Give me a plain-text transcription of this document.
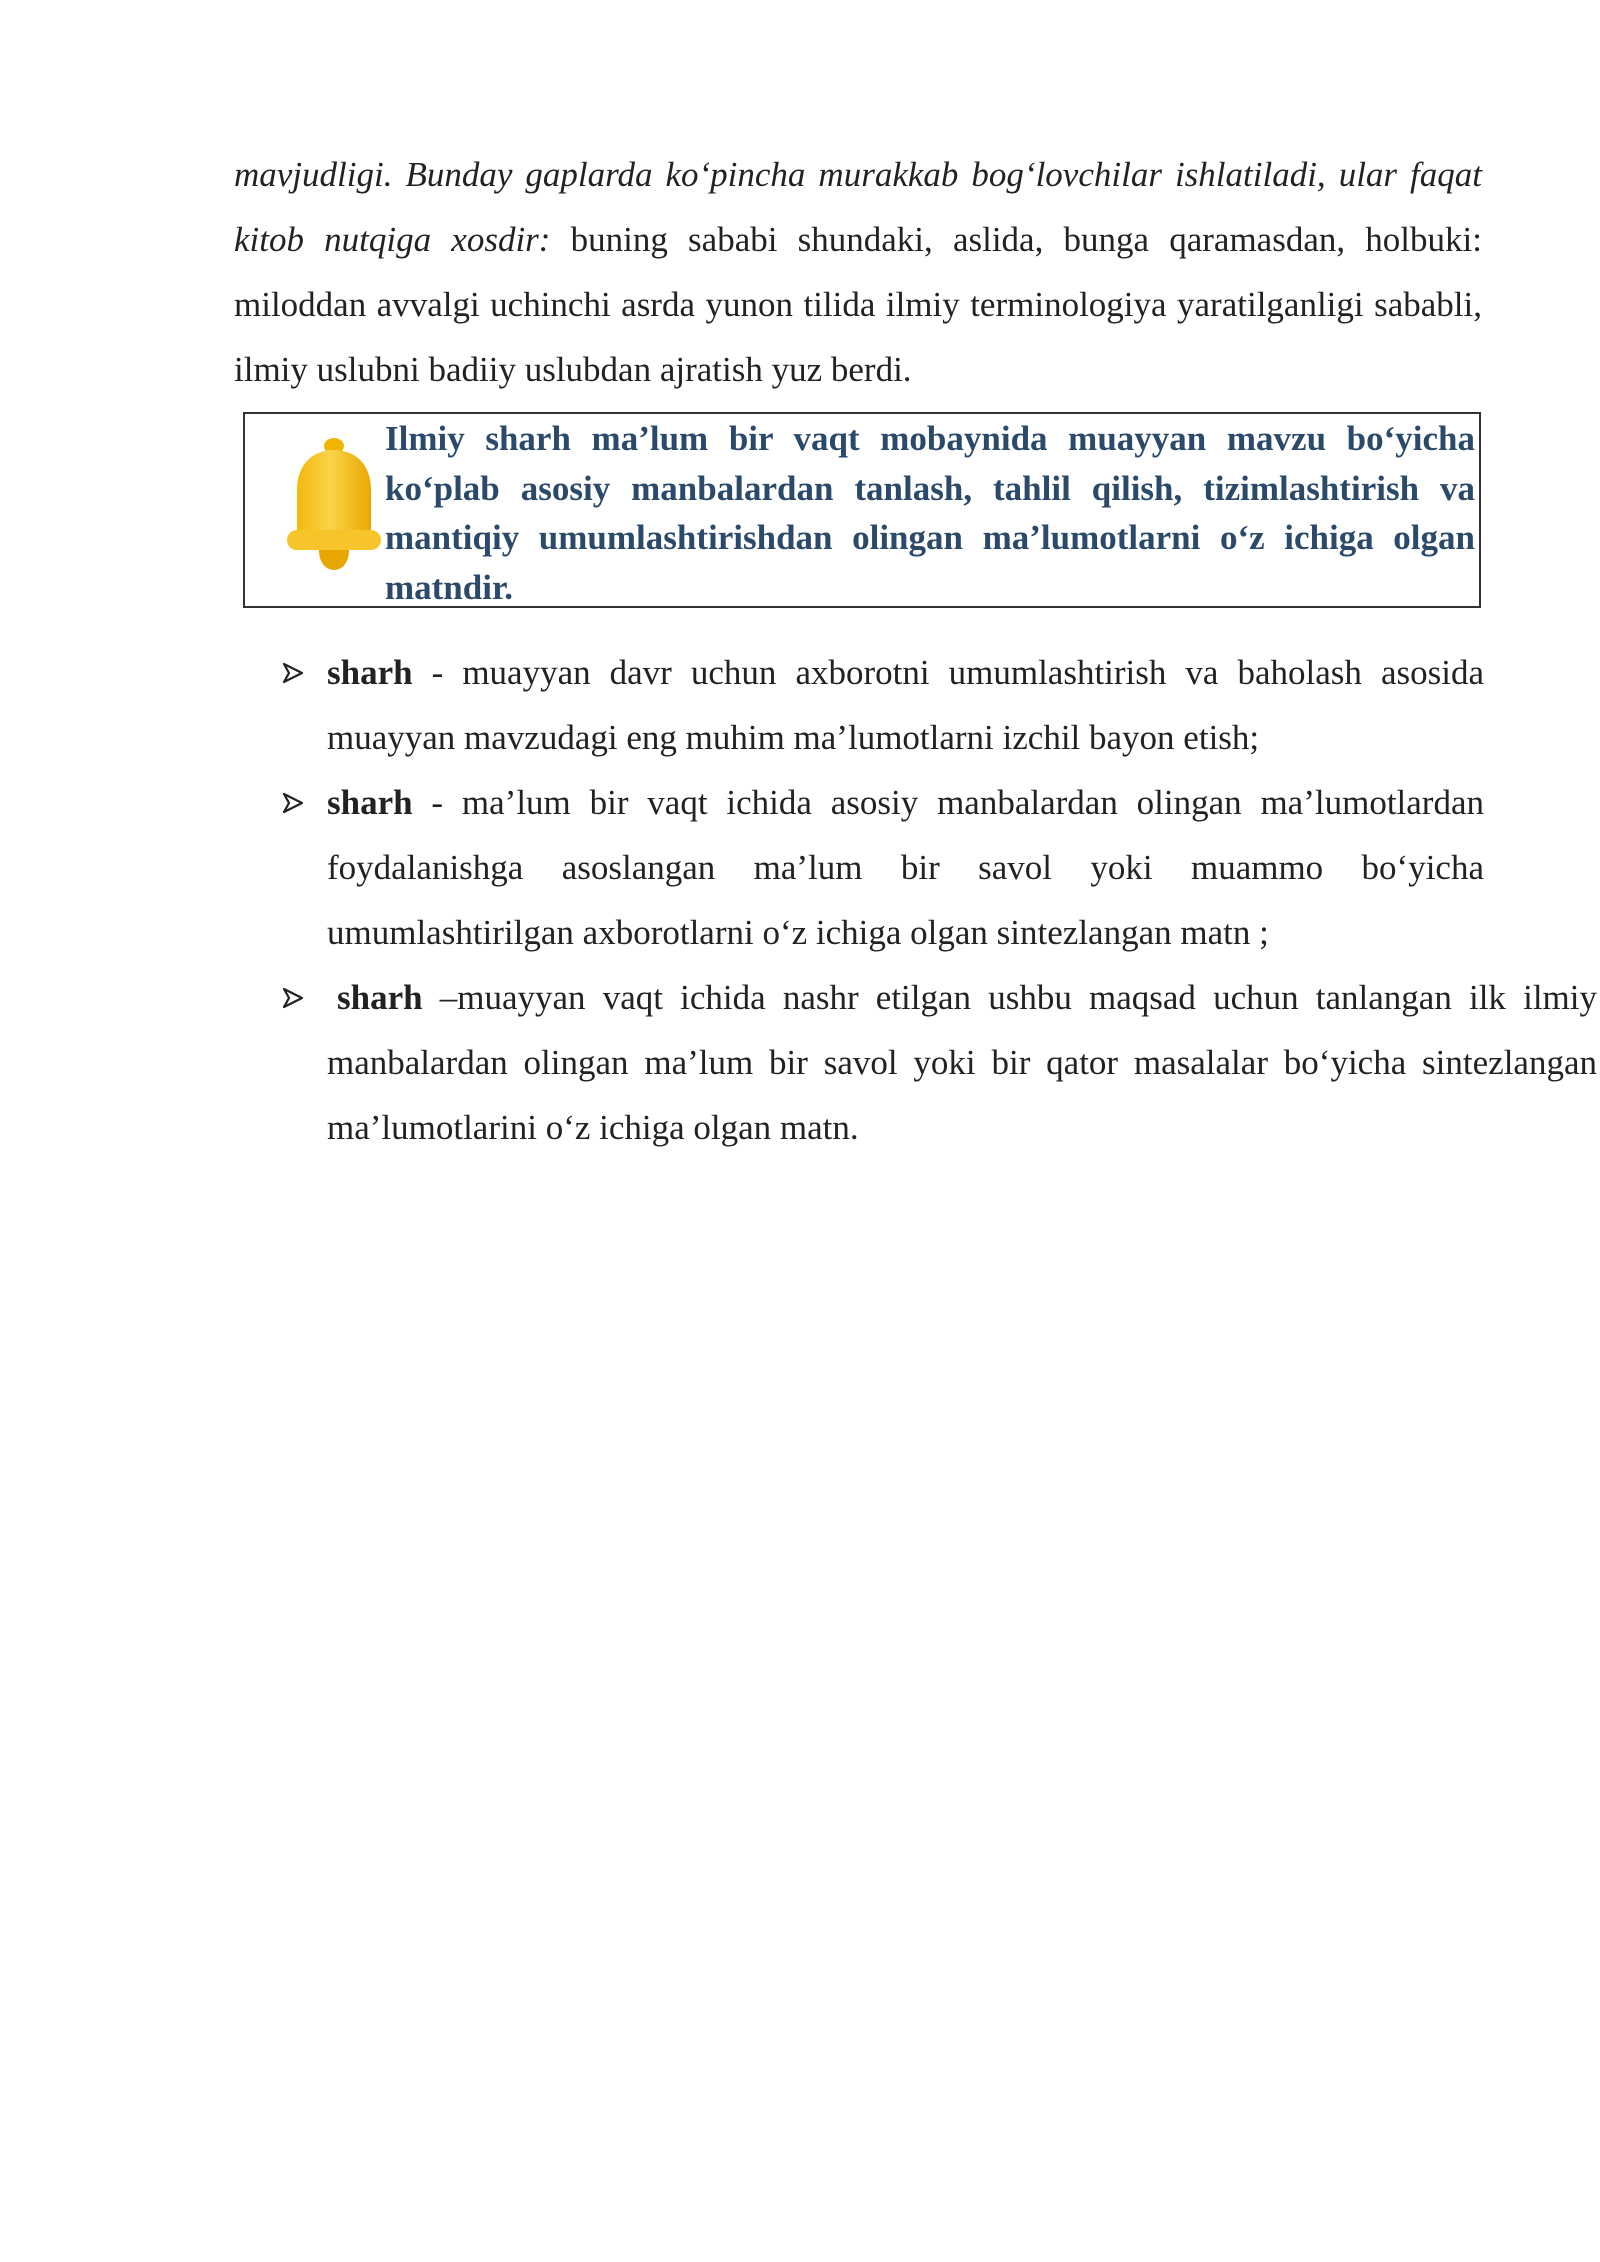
mavjudligi. Bunday gaplarda ko‘pincha murakkab bog‘lovchilar ishlatiladi, ular faqat kitob nutqiga xosdir: buning sababi shundaki, aslida, bunga qaramasdan, holbuki: miloddan avvalgi uchinchi asrda yunon tilida ilmiy terminologiya yaratilganligi sababli, ilmiy uslubni badiiy uslubdan ajratish yuz berdi.

Ilmiy sharh ma’lum bir vaqt mobaynida muayyan mavzu bo‘yicha ko‘plab asosiy manbalardan tanlash, tahlil qilish, tizimlashtirish va mantiqiy umumlashtirishdan olingan ma’lumotlarni o‘z ichiga olgan matndir.

sharh - muayyan davr uchun axborotni umumlashtirish va baholash asosida muayyan mavzudagi eng muhim ma’lumotlarni izchil bayon etish;
sharh - ma’lum bir vaqt ichida asosiy manbalardan olingan ma’lumotlardan foydalanishga asoslangan ma’lum bir savol yoki muammo bo‘yicha umumlashtirilgan axborotlarni o‘z ichiga olgan sintezlangan matn ;
sharh –muayyan vaqt ichida nashr etilgan ushbu maqsad uchun tanlangan ilk ilmiy manbalardan olingan ma’lum bir savol yoki bir qator masalalar bo‘yicha sintezlangan ma’lumotlarini o‘z ichiga olgan matn.
